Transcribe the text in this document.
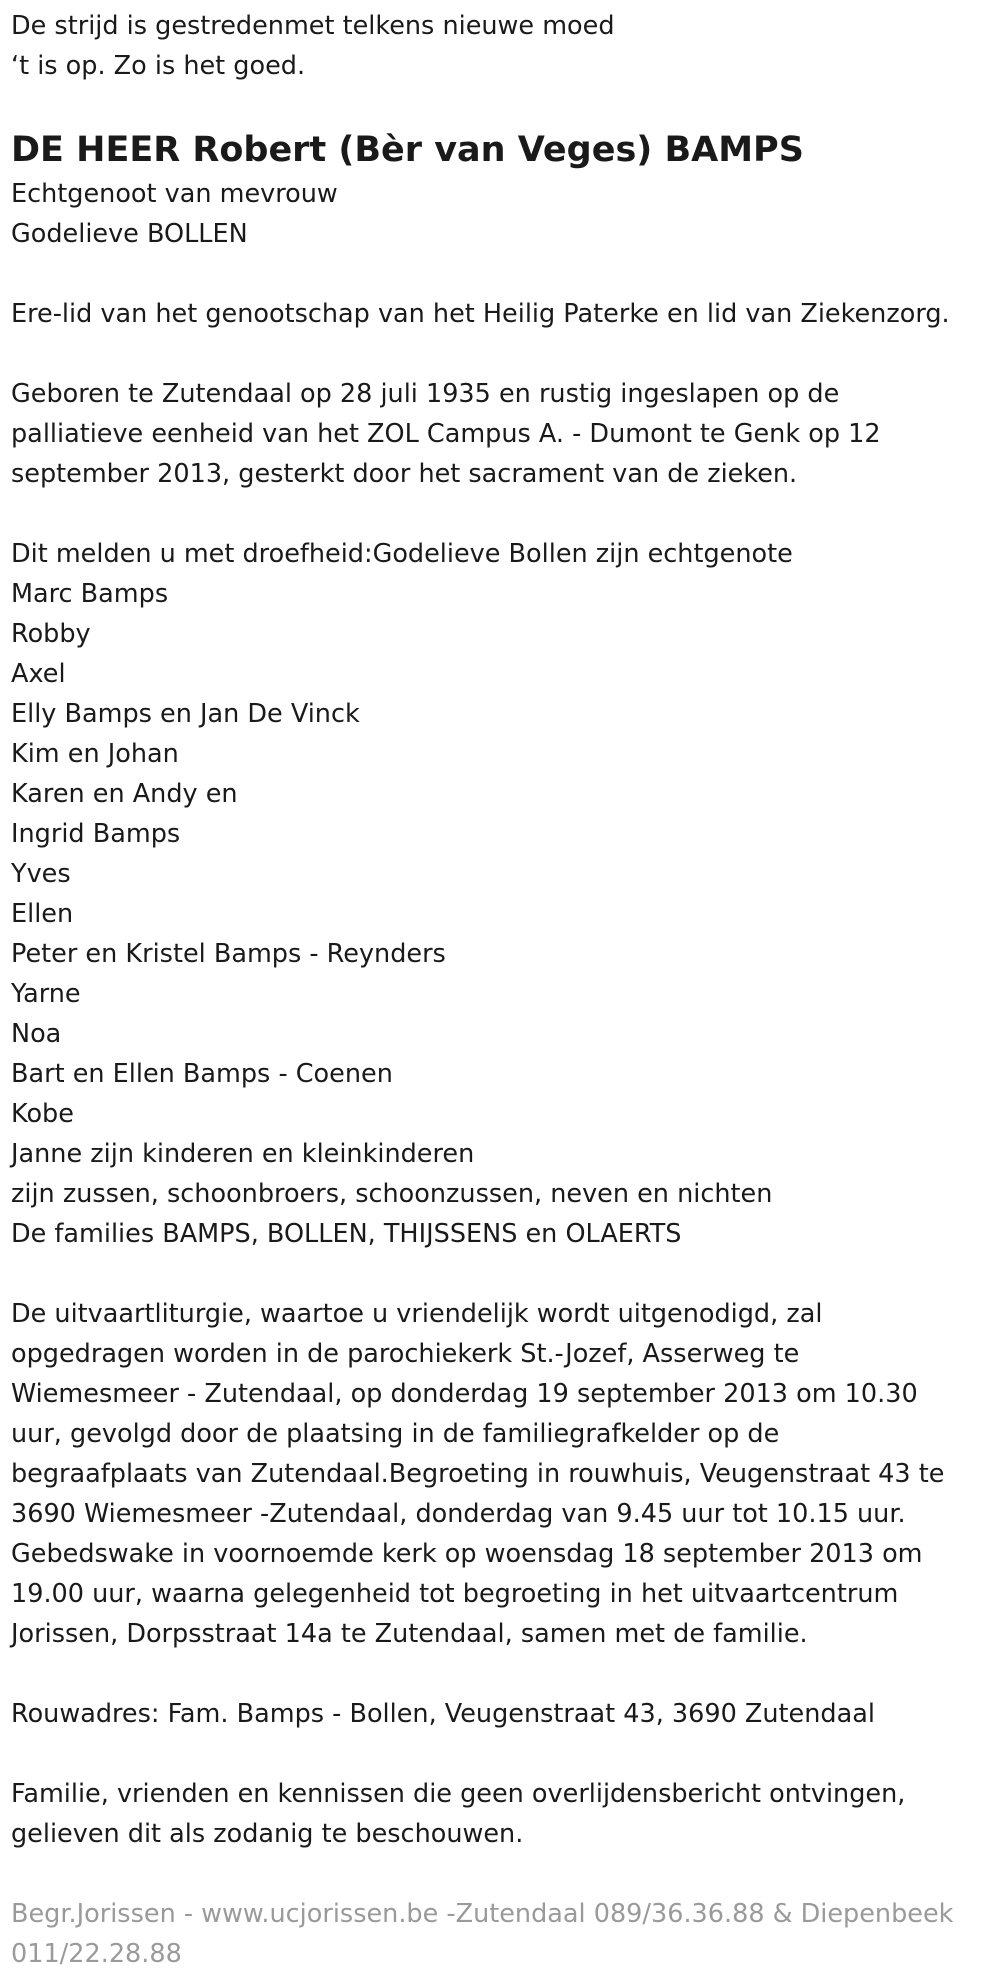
De strijd is gestredenmet telkens nieuwe moed

‘t is op. Zo is het goed.

DE HEER Robert (Bèr van Veges) BAMPS

Echtgenoot van mevrouw

Godelieve BOLLEN

Ere-lid van het genootschap van het Heilig Paterke en lid van Ziekenzorg.

Geboren te Zutendaal op 28 juli 1935 en rustig ingeslapen op de

palliatieve eenheid van het ZOL Campus A. - Dumont te Genk op 12

september 2013, gesterkt door het sacrament van de zieken.

Dit melden u met droefheid:Godelieve Bollen zijn echtgenote

Marc Bamps

Robby

Axel

Elly Bamps en Jan De Vinck

Kim en Johan

Karen en Andy en

Ingrid Bamps

Yves

Ellen

Peter en Kristel Bamps - Reynders

Yarne

Noa

Bart en Ellen Bamps - Coenen

Kobe

Janne zijn kinderen en kleinkinderen

zijn zussen, schoonbroers, schoonzussen, neven en nichten

De families BAMPS, BOLLEN, THIJSSENS en OLAERTS

De uitvaartliturgie, waartoe u vriendelijk wordt uitgenodigd, zal

opgedragen worden in de parochiekerk St.-Jozef, Asserweg te

Wiemesmeer - Zutendaal, op donderdag 19 september 2013 om 10.30

uur, gevolgd door de plaatsing in de familiegrafkelder op de

begraafplaats van Zutendaal.Begroeting in rouwhuis, Veugenstraat 43 te

3690 Wiemesmeer -Zutendaal, donderdag van 9.45 uur tot 10.15 uur.

Gebedswake in voornoemde kerk op woensdag 18 september 2013 om

19.00 uur, waarna gelegenheid tot begroeting in het uitvaartcentrum

Jorissen, Dorpsstraat 14a te Zutendaal, samen met de familie.

Rouwadres: Fam. Bamps - Bollen, Veugenstraat 43, 3690 Zutendaal

Familie, vrienden en kennissen die geen overlijdensbericht ontvingen,

gelieven dit als zodanig te beschouwen.

Begr.Jorissen - www.ucjorissen.be -Zutendaal 089/36.36.88 & Diepenbeek

011/22.28.88
